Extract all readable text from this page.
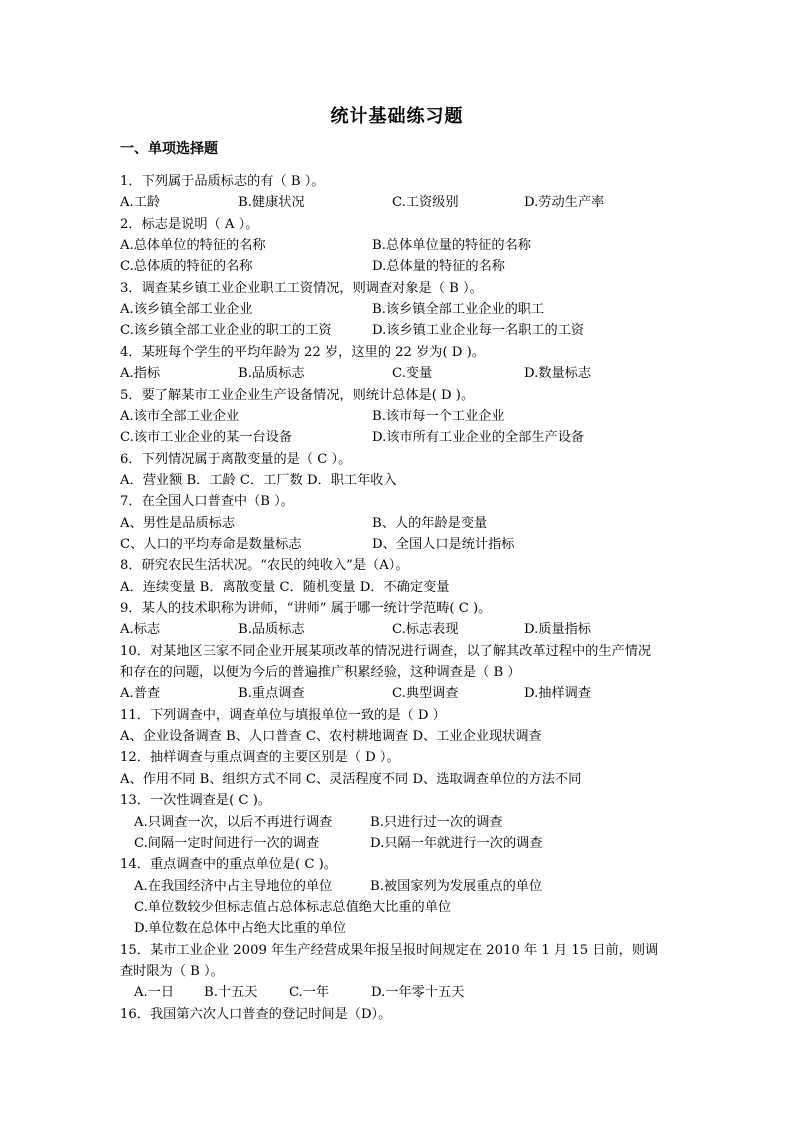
统计基础练习题
一、单项选择题
1．下列属于品质标志的有（ B ）。
A.工龄	B.健康状况	C.工资级别	D.劳动生产率
2．标志是说明（ A ）。
A.总体单位的特征的名称	B.总体单位量的特征的名称
C.总体质的特征的名称	D.总体量的特征的名称
3．调查某乡镇工业企业职工工资情况，则调查对象是（ B ）。
A.该乡镇全部工业企业	B.该乡镇全部工业企业的职工
C.该乡镇全部工业企业的职工的工资	D.该乡镇工业企业每一名职工的工资
4．某班每个学生的平均年龄为 22 岁，这里的 22 岁为( D )。
A.指标	B.品质标志	C.变量	D.数量标志
5．要了解某市工业企业生产设备情况，则统计总体是( D )。
A.该市全部工业企业	B.该市每一个工业企业
C.该市工业企业的某一台设备	D.该市所有工业企业的全部生产设备
6．下列情况属于离散变量的是（ C ）。
A．营业额 B．工龄 C．工厂数 D．职工年收入
7．在全国人口普查中（B ）。
A、男性是品质标志	B、人的年龄是变量
C、人口的平均寿命是数量标志	D、全国人口是统计指标
8．研究农民生活状况。“农民的纯收入”是（A）。
A．连续变量 B．离散变量 C．随机变量 D．不确定变量
9．某人的技术职称为讲师，“讲师” 属于哪一统计学范畴( C )。
A.标志	B.品质标志	C.标志表现	D.质量指标
10．对某地区三家不同企业开展某项改革的情况进行调查，以了解其改革过程中的生产情况
和存在的问题，以便为今后的普遍推广积累经验，这种调查是（ B ）
A.普查	B.重点调查	C.典型调查	D.抽样调查
11．下列调查中，调查单位与填报单位一致的是（ D ）
A、企业设备调查 B、人口普查 C、农村耕地调查 D、工业企业现状调查
12．抽样调查与重点调查的主要区别是（ D ）。
A、作用不同 B、组织方式不同 C、灵活程度不同 D、选取调查单位的方法不同
13．一次性调查是( C )。
A.只调查一次，以后不再进行调查	B.只进行过一次的调查
C.间隔一定时间进行一次的调查	D.只隔一年就进行一次的调查
14．重点调查中的重点单位是( C )。
A.在我国经济中占主导地位的单位	B.被国家列为发展重点的单位
C.单位数较少但标志值占总体标志总值绝大比重的单位
D.单位数在总体中占绝大比重的单位
15．某市工业企业 2009 年生产经营成果年报呈报时间规定在 2010 年 1 月 15 日前，则调
查时限为（ B ）。
A.一日 B.十五天 C.一年	D.一年零十五天
16．我国第六次人口普查的登记时间是（D）。
